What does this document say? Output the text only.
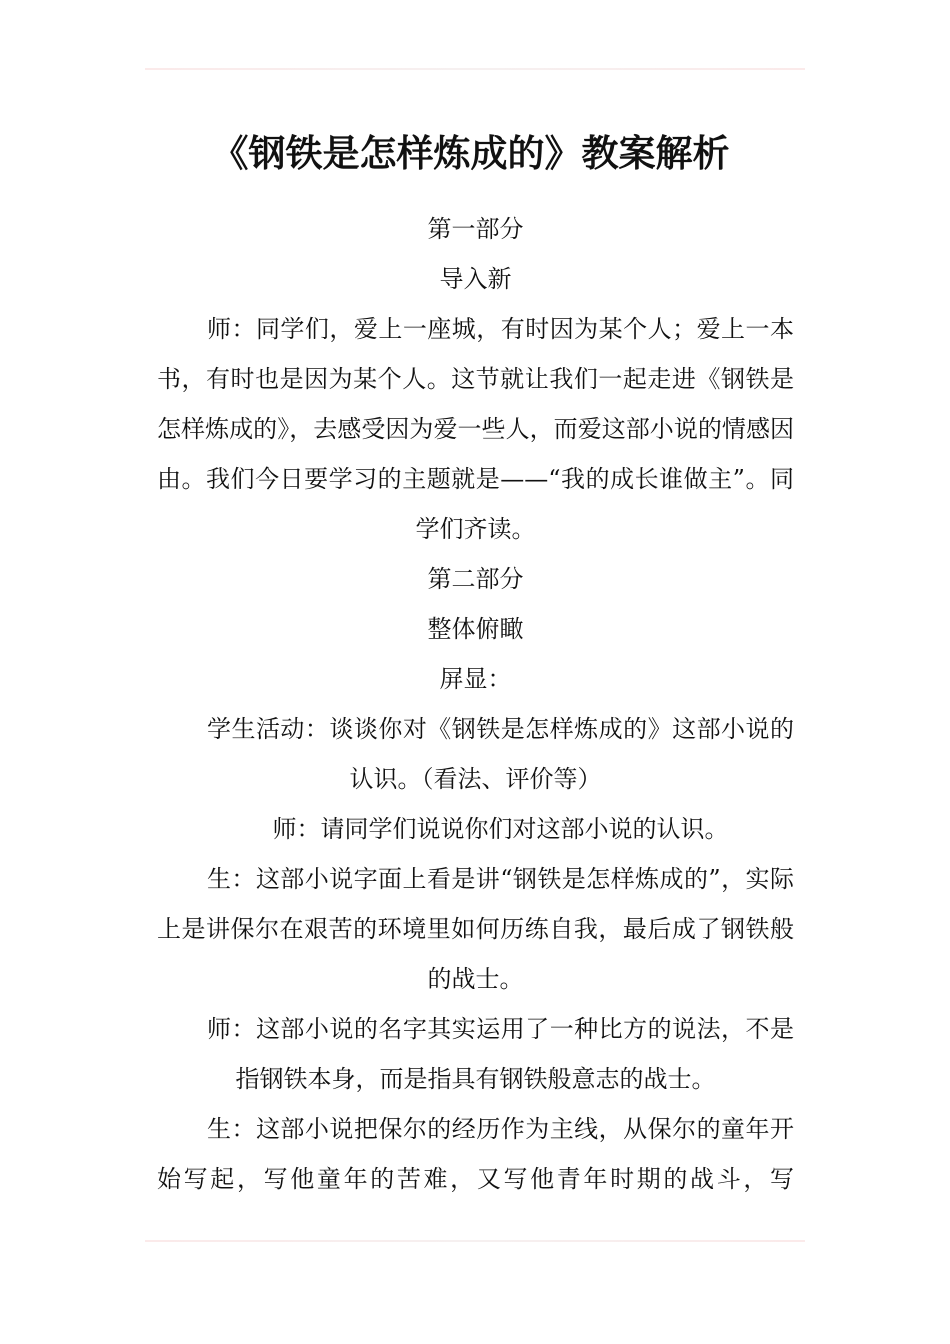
《钢铁是怎样炼成的》教案解析

第一部分

导入新

师：同学们，爱上一座城，有时因为某个人；爱上一本书，有时也是因为某个人。这节就让我们一起走进《钢铁是怎样炼成的》，去感受因为爱一些人，而爱这部小说的情感因由。我们今日要学习的主题就是——“我的成长谁做主”。同学们齐读。

第二部分

整体俯瞰

屏显：

学生活动：谈谈你对《钢铁是怎样炼成的》这部小说的认识。（看法、评价等）

师：请同学们说说你们对这部小说的认识。

生：这部小说字面上看是讲“钢铁是怎样炼成的”，实际上是讲保尔在艰苦的环境里如何历练自我，最后成了钢铁般的战士。

师：这部小说的名字其实运用了一种比方的说法，不是指钢铁本身，而是指具有钢铁般意志的战士。

生：这部小说把保尔的经历作为主线，从保尔的童年开始写起，写他童年的苦难，又写他青年时期的战斗，写
